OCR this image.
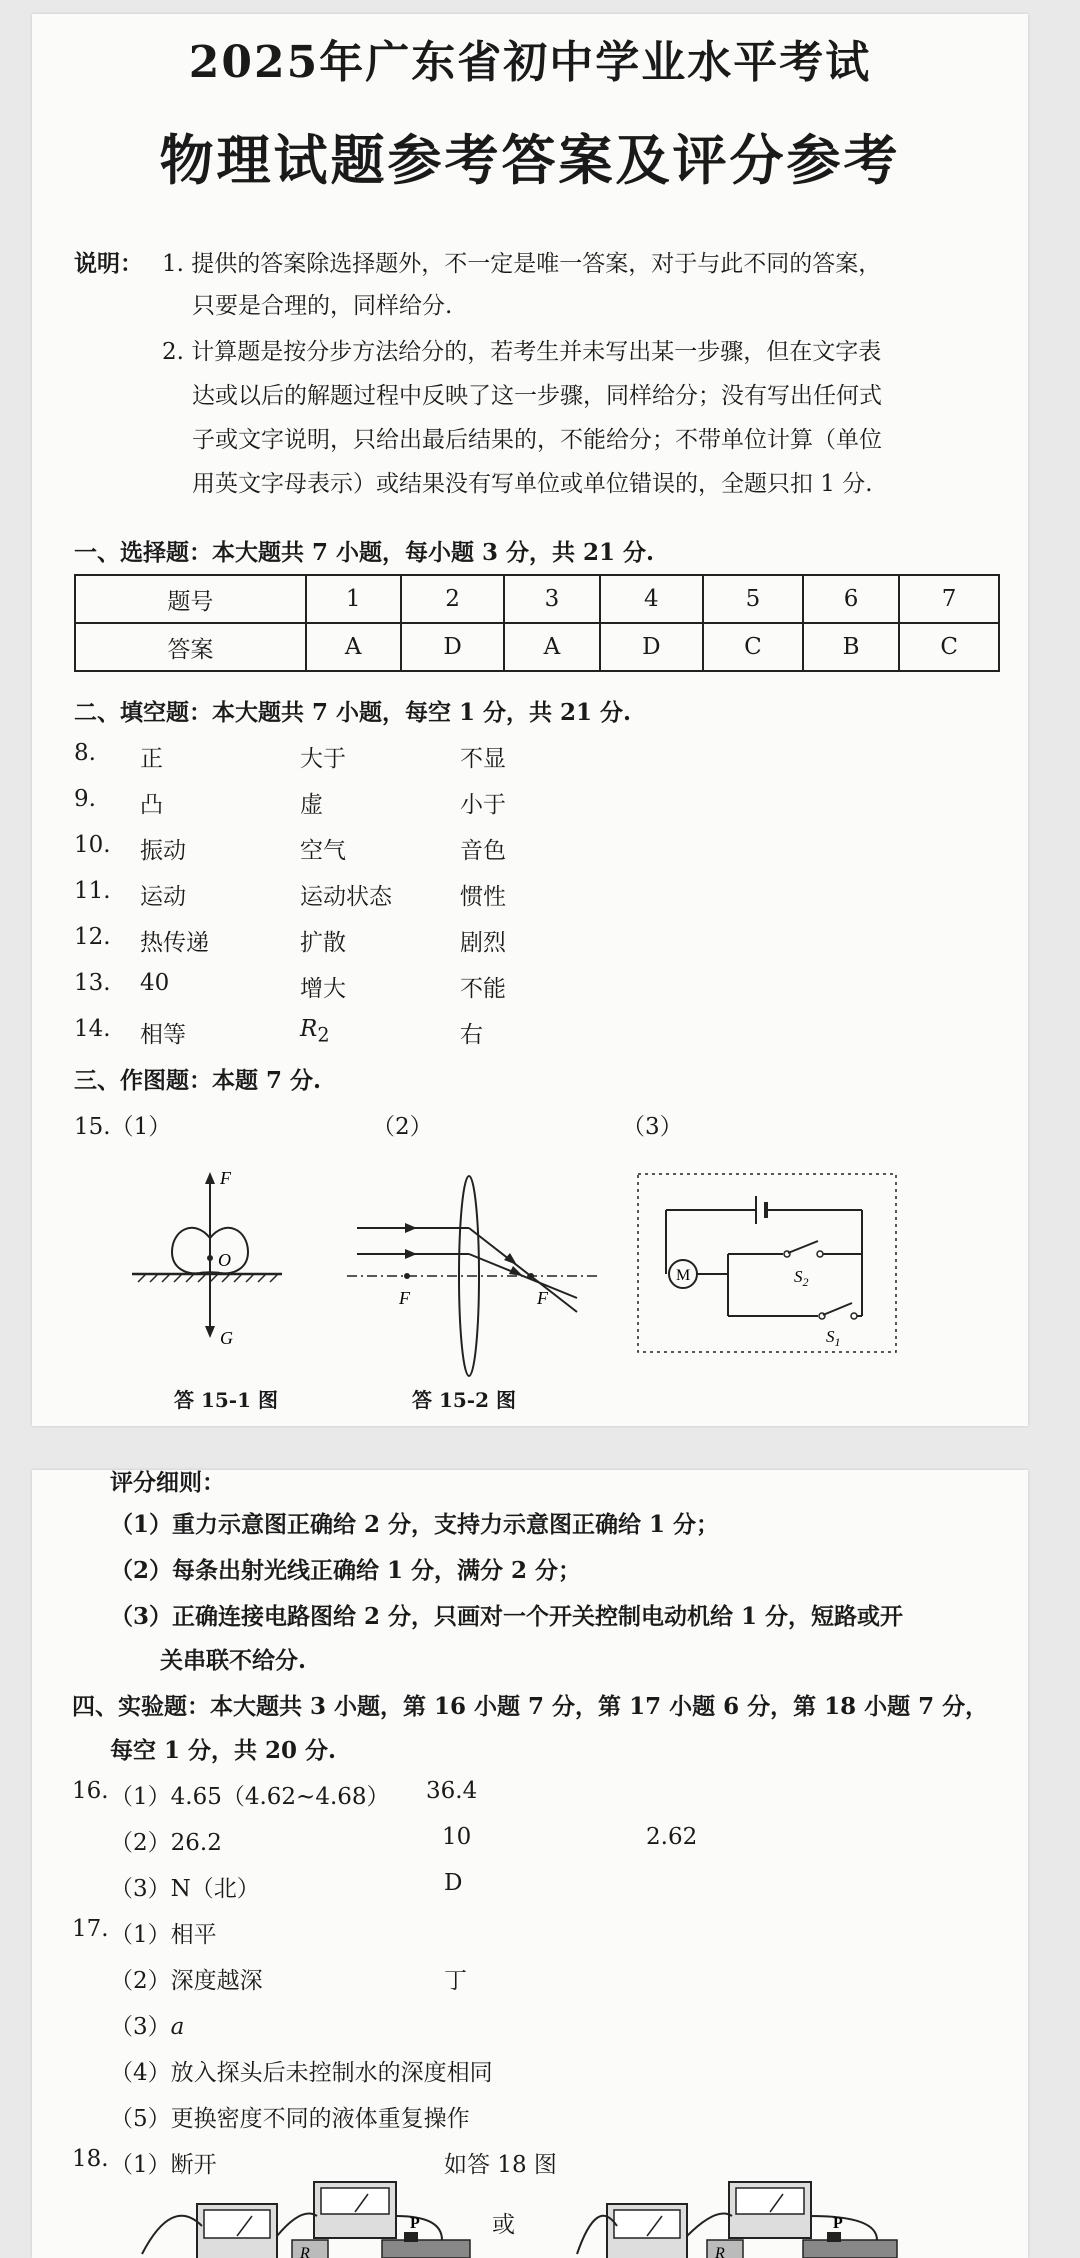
2025年广东省初中学业水平考试
物理试题参考答案及评分参考
说明： 1. 提供的答案除选择题外，不一定是唯一答案，对于与此不同的答案，
只要是合理的，同样给分.
2. 计算题是按分步方法给分的，若考生并未写出某一步骤，但在文字表
达或以后的解题过程中反映了这一步骤，同样给分；没有写出任何式
子或文字说明，只给出最后结果的，不能给分；不带单位计算（单位
用英文字母表示）或结果没有写单位或单位错误的，全题只扣 1 分.
一、选择题：本大题共 7 小题，每小题 3 分，共 21 分.
题号	1	2	3	4	5	6	7
答案	A	D	A	D	C	B	C
二、填空题：本大题共 7 小题，每空 1 分，共 21 分.
8. 正	大于	不显
9. 凸	虚	小于
10. 振动	空气	音色
11. 运动	运动状态	惯性
12. 热传递	扩散	剧烈
13. 40	增大	不能
14. 相等	$R_2$	右
三、作图题：本题 7 分.
15.（1）	（2）	（3）
F
O
G
答 15-1 图
F	F
答 15-2 图
M	$S_2$
$S_1$
评分细则：
（1）重力示意图正确给 2 分，支持力示意图正确给 1 分；
（2）每条出射光线正确给 1 分，满分 2 分；
（3）正确连接电路图给 2 分，只画对一个开关控制电动机给 1 分，短路或开
关串联不给分.
四、实验题：本大题共 3 小题，第 16 小题 7 分，第 17 小题 6 分，第 18 小题 7 分，
每空 1 分，共 20 分.
16. （1）4.65（4.62~4.68） 36.4
（2）26.2	10	2.62
（3）N（北）	D
17. （1）相平
（2）深度越深	丁
（3）a
（4）放入探头后未控制水的深度相同
（5）更换密度不同的液体重复操作
18. （1）断开	如答 18 图
R
P	或
R
P
